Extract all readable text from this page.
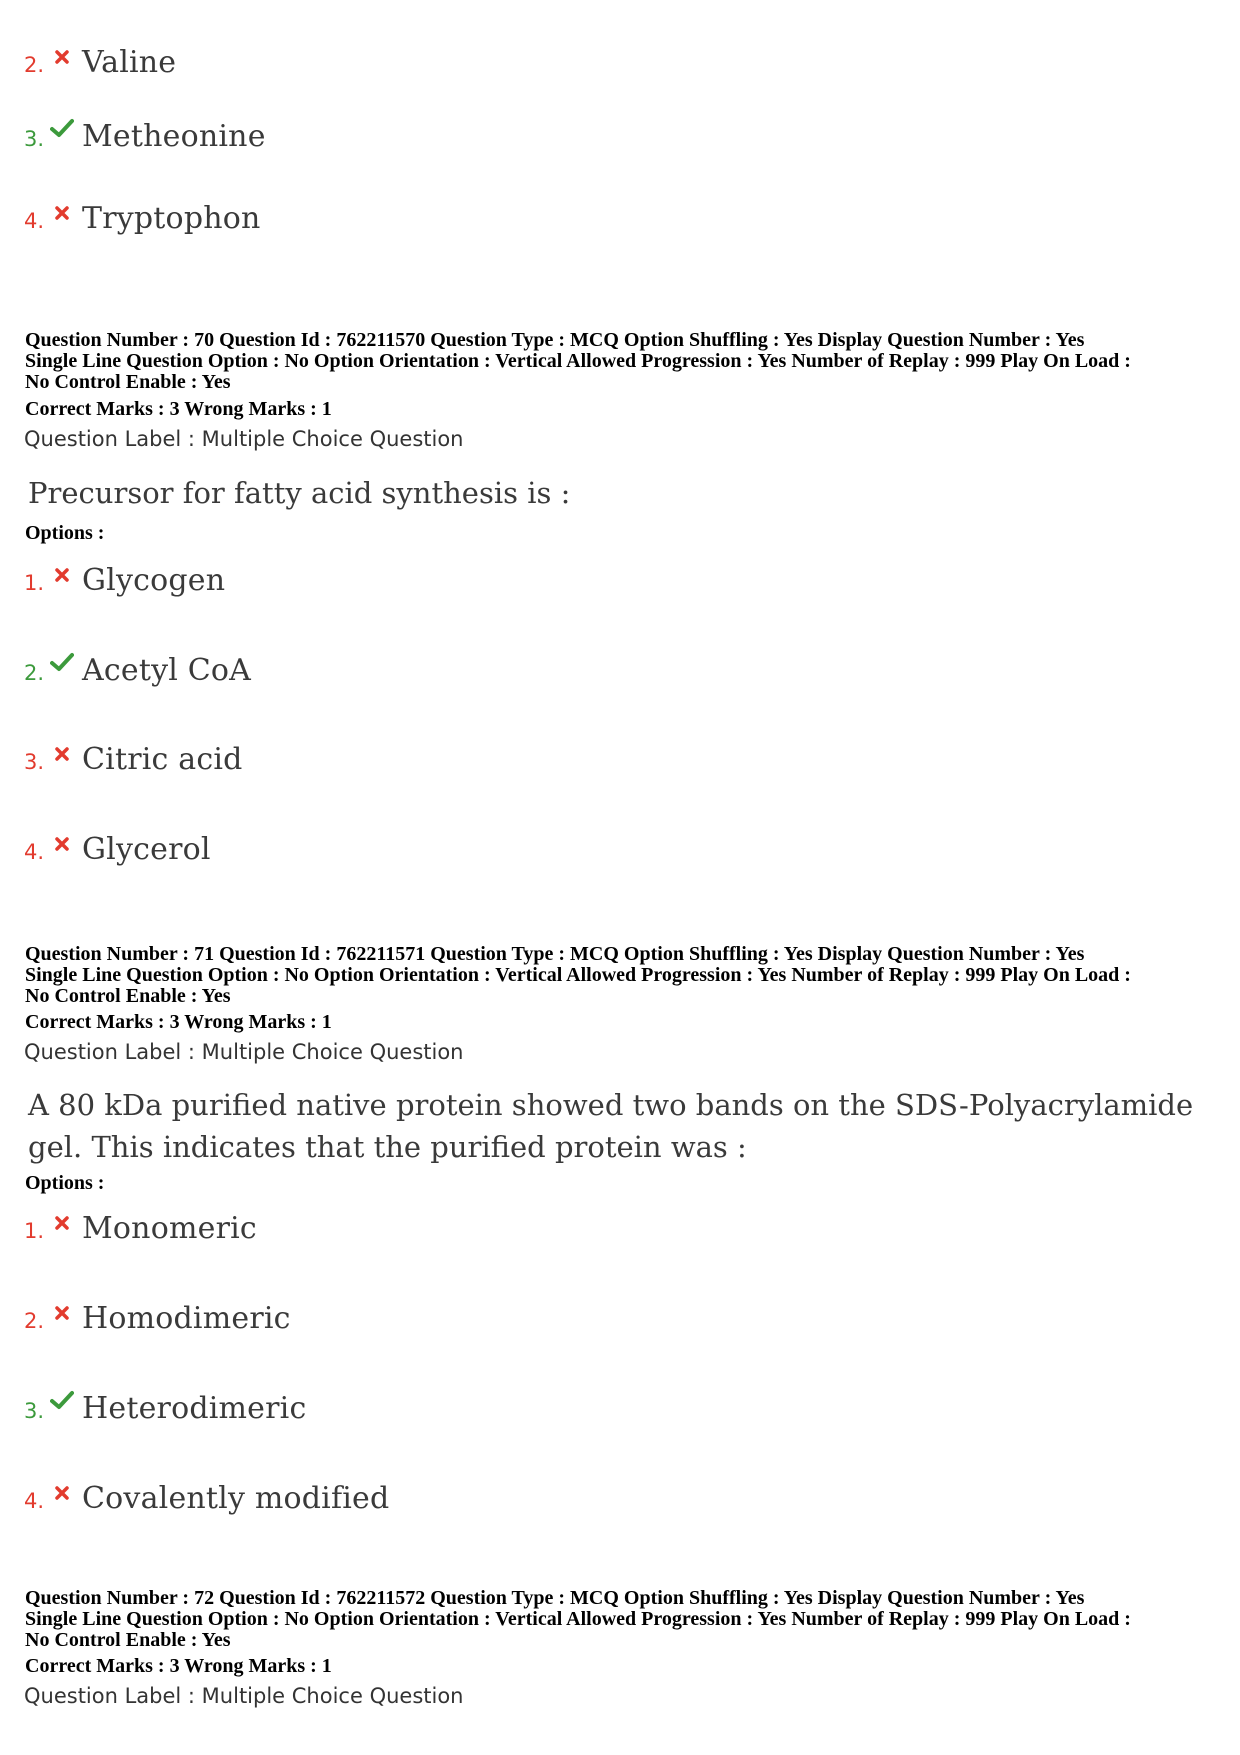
2. Valine
3. Metheonine
4. Tryptophon
Question Number : 70 Question Id : 762211570 Question Type : MCQ Option Shuffling : Yes Display Question Number : Yes
Single Line Question Option : No Option Orientation : Vertical Allowed Progression : Yes Number of Replay : 999 Play On Load :
No Control Enable : Yes
Correct Marks : 3 Wrong Marks : 1
Question Label : Multiple Choice Question
Precursor for fatty acid synthesis is :
Options :
1. Glycogen
2. Acetyl CoA
3. Citric acid
4. Glycerol
Question Number : 71 Question Id : 762211571 Question Type : MCQ Option Shuffling : Yes Display Question Number : Yes
Single Line Question Option : No Option Orientation : Vertical Allowed Progression : Yes Number of Replay : 999 Play On Load :
No Control Enable : Yes
Correct Marks : 3 Wrong Marks : 1
Question Label : Multiple Choice Question
A 80 kDa purified native protein showed two bands on the SDS-Polyacrylamide
gel. This indicates that the purified protein was :
Options :
1. Monomeric
2. Homodimeric
3. Heterodimeric
4. Covalently modified
Question Number : 72 Question Id : 762211572 Question Type : MCQ Option Shuffling : Yes Display Question Number : Yes
Single Line Question Option : No Option Orientation : Vertical Allowed Progression : Yes Number of Replay : 999 Play On Load :
No Control Enable : Yes
Correct Marks : 3 Wrong Marks : 1
Question Label : Multiple Choice Question
